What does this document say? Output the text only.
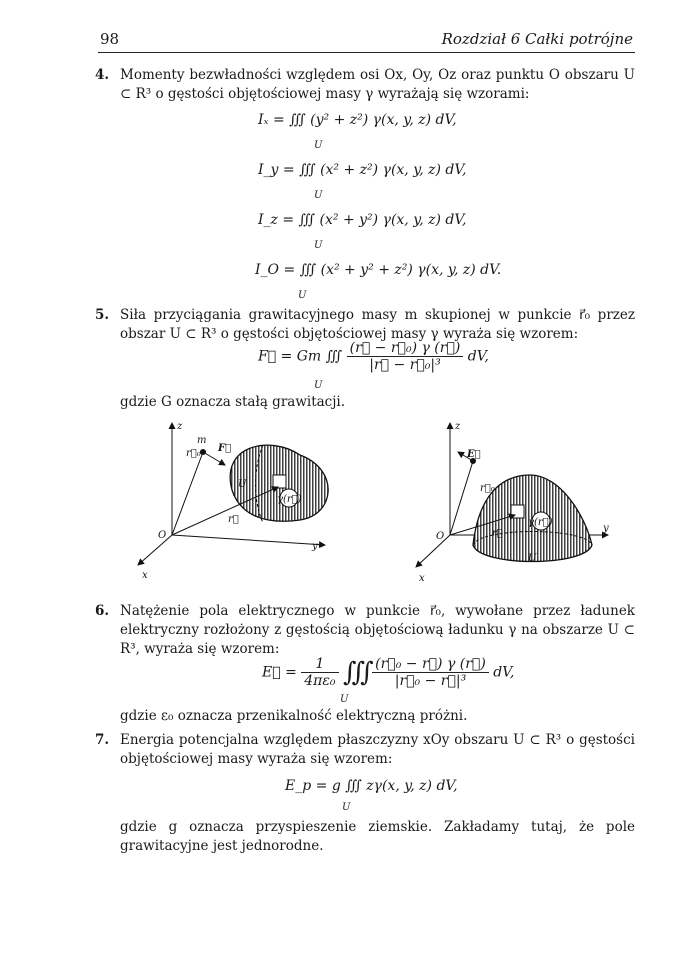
98	Rozdział 6 Całki potrójne
4. Momenty bezwładności względem osi Ox, Oy, Oz oraz punktu O obszaru U ⊂ R³ o gęstości objętościowej masy γ wyrażają się wzorami:
Iₓ = ∭ (y² + z²) γ(x, y, z) dV,
U
I_y = ∭ (x² + z²) γ(x, y, z) dV,
U
I_z = ∭ (x² + y²) γ(x, y, z) dV,
U
I_O = ∭ (x² + y² + z²) γ(x, y, z) dV.
U
5. Siła przyciągania grawitacyjnego masy m skupionej w punkcie r⃗₀ przez obszar U ⊂ R³ o gęstości objętościowej masy γ wyraża się wzorem:
F⃗ = Gm ∭ $\frac{\text{(r⃗ − r⃗₀) γ (r⃗)}}{\text{|r⃗ − r⃗₀|³}}$ dV,
U
gdzie G oznacza stałą grawitacji.
z
m
r⃗₀ F⃗
U
γ(r⃗)
r⃗
O
y
x
z
E⃗
r⃗₀
γ(r⃗)
r⃗
O
y
U
x
6. Natężenie pola elektrycznego w punkcie r⃗₀, wywołane przez ładunek elektryczny rozłożony z gęstością objętościową ładunku γ na obszarze U ⊂ R³, wyraża się wzorem:
E⃗ = $\frac{1}{\text{4πε₀}}$ ∭ $\frac{\text{(r⃗₀ − r⃗) γ (r⃗)}}{\text{|r⃗₀ − r⃗|³}}$ dV,
U
gdzie ε₀ oznacza przenikalność elektryczną próżni.
7. Energia potencjalna względem płaszczyzny xOy obszaru U ⊂ R³ o gęstości objętościowej masy wyraża się wzorem:
E_p = g ∭ zγ(x, y, z) dV,
U
gdzie g oznacza przyspieszenie ziemskie. Zakładamy tutaj, że pole grawitacyjne jest jednorodne.
